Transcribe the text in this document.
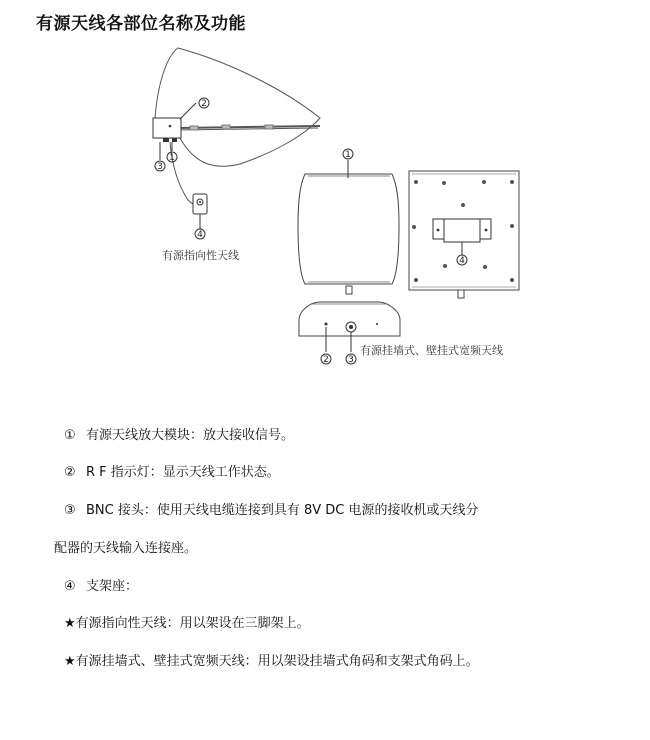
有源天线各部位名称及功能
2
3
1
4
有源指向性天线
1
2 3
4
有源挂墙式、壁挂式宽频天线
① 有源天线放大模块：放大接收信号。
② R F 指示灯：显示天线工作状态。
③ BNC 接头：使用天线电缆连接到具有 8V DC 电源的接收机或天线分
配器的天线输入连接座。
④ 支架座：
★有源指向性天线：用以架设在三脚架上。
★有源挂墙式、壁挂式宽频天线：用以架设挂墙式角码和支架式角码上。
